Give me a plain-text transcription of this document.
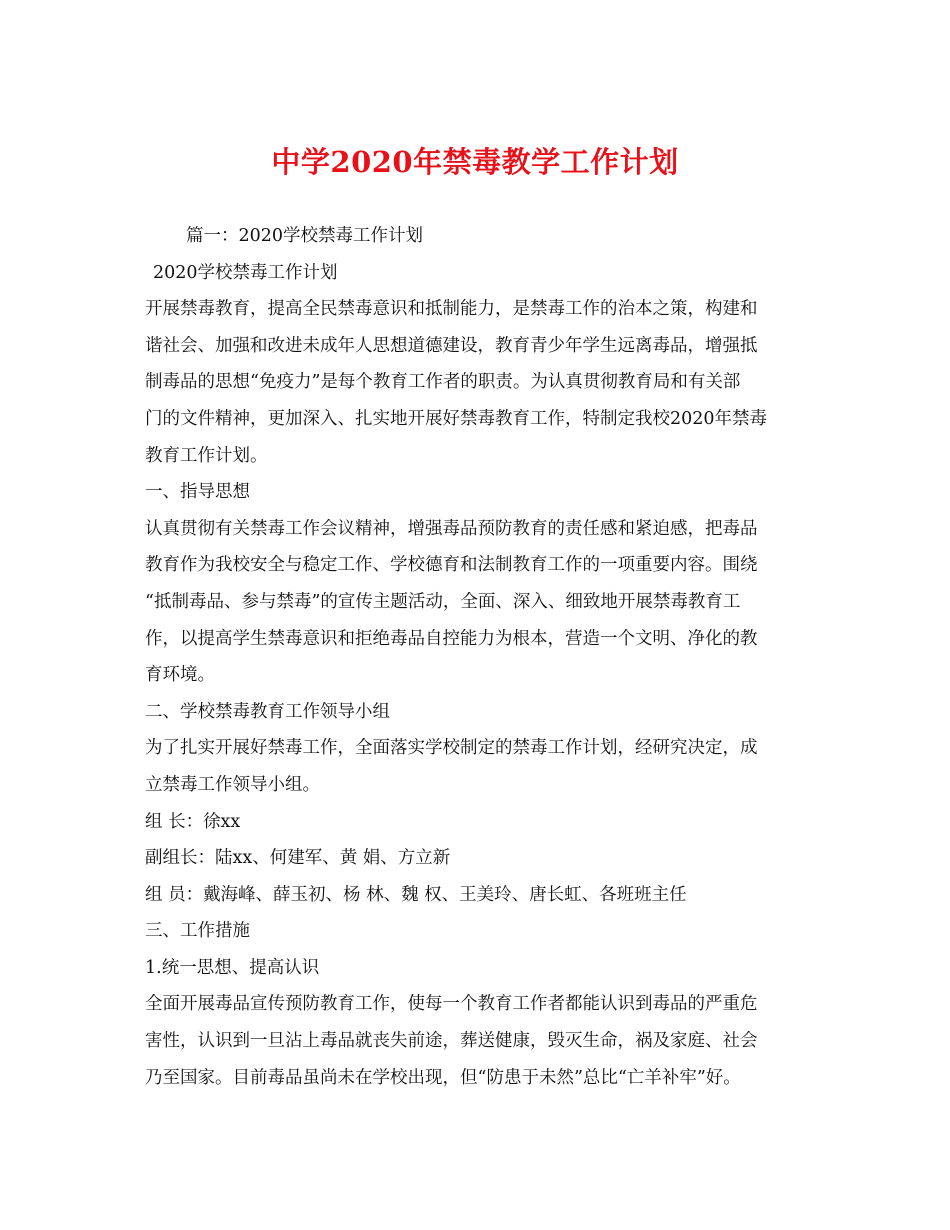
中学2020年禁毒教学工作计划
篇一：2020学校禁毒工作计划
2020学校禁毒工作计划
开展禁毒教育，提高全民禁毒意识和抵制能力，是禁毒工作的治本之策，构建和
谐社会、加强和改进未成年人思想道德建设，教育青少年学生远离毒品，增强抵
制毒品的思想“免疫力”是每个教育工作者的职责。为认真贯彻教育局和有关部
门的文件精神，更加深入、扎实地开展好禁毒教育工作，特制定我校2020年禁毒
教育工作计划。
一、指导思想
认真贯彻有关禁毒工作会议精神，增强毒品预防教育的责任感和紧迫感，把毒品
教育作为我校安全与稳定工作、学校德育和法制教育工作的一项重要内容。围绕
“抵制毒品、参与禁毒”的宣传主题活动，全面、深入、细致地开展禁毒教育工
作，以提高学生禁毒意识和拒绝毒品自控能力为根本，营造一个文明、净化的教
育环境。
二、学校禁毒教育工作领导小组
为了扎实开展好禁毒工作，全面落实学校制定的禁毒工作计划，经研究决定，成
立禁毒工作领导小组。
组 长：徐xx
副组长：陆xx、何建军、黄 娟、方立新
组 员：戴海峰、薛玉初、杨 林、魏 权、王美玲、唐长虹、各班班主任
三、工作措施
1.统一思想、提高认识
全面开展毒品宣传预防教育工作，使每一个教育工作者都能认识到毒品的严重危
害性，认识到一旦沾上毒品就丧失前途，葬送健康，毁灭生命，祸及家庭、社会
乃至国家。目前毒品虽尚未在学校出现，但“防患于未然”总比“亡羊补牢”好。
